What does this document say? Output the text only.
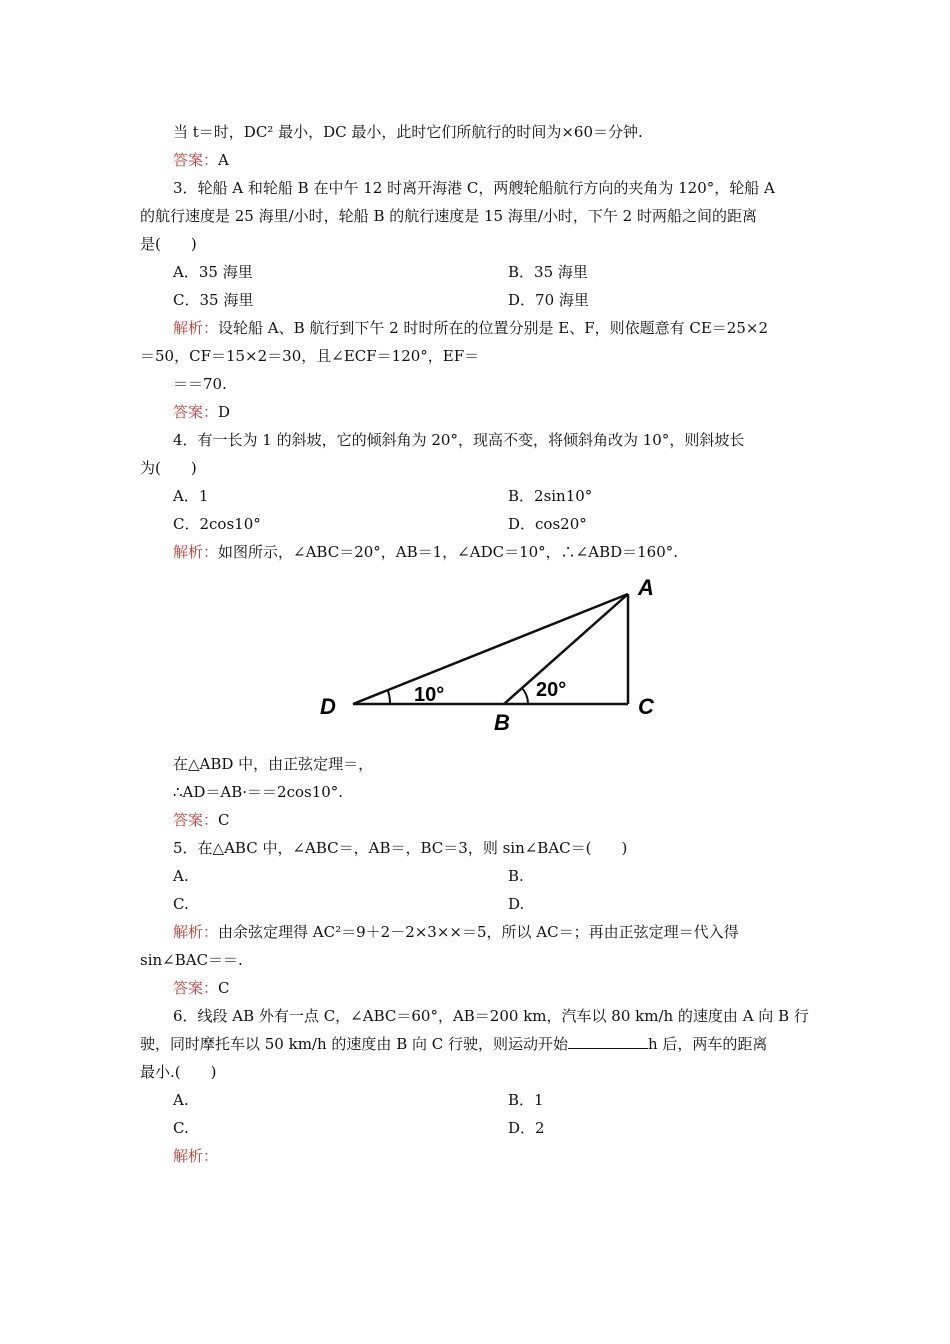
当 t＝时，DC² 最小，DC 最小，此时它们所航行的时间为×60＝分钟.
答案：A
3．轮船 A 和轮船 B 在中午 12 时离开海港 C，两艘轮船航行方向的夹角为 120°，轮船 A
的航行速度是 25 海里/小时，轮船 B 的航行速度是 15 海里/小时，下午 2 时两船之间的距离
是(　　)
A．35 海里	B．35 海里
C．35 海里	D．70 海里
解析：设轮船 A、B 航行到下午 2 时时所在的位置分别是 E、F，则依题意有 CE＝25×2
＝50，CF＝15×2＝30，且∠ECF＝120°，EF＝
＝＝70.
答案：D
4．有一长为 1 的斜坡，它的倾斜角为 20°，现高不变，将倾斜角改为 10°，则斜坡长
为(　　)
A．1	B．2sin10°
C．2cos10°	D．cos20°
解析：如图所示，∠ABC＝20°，AB＝1，∠ADC＝10°，∴∠ABD＝160°.
A
B
C
D	10°	20°
在△ABD 中，由正弦定理＝，
∴AD＝AB·＝＝2cos10°.
答案：C
5．在△ABC 中，∠ABC＝，AB＝，BC＝3，则 sin∠BAC＝(　　)
A.	B.
C.	D.
解析：由余弦定理得 AC²＝9＋2－2×3××＝5，所以 AC＝；再由正弦定理＝代入得
sin∠BAC＝＝.
答案：C
6．线段 AB 外有一点 C，∠ABC＝60°，AB＝200 km，汽车以 80 km/h 的速度由 A 向 B 行
驶，同时摩托车以 50 km/h 的速度由 B 向 C 行驶，则运动开始	h 后，两车的距离
最小.(　　)
A.	B．1
C.	D．2
解析：
